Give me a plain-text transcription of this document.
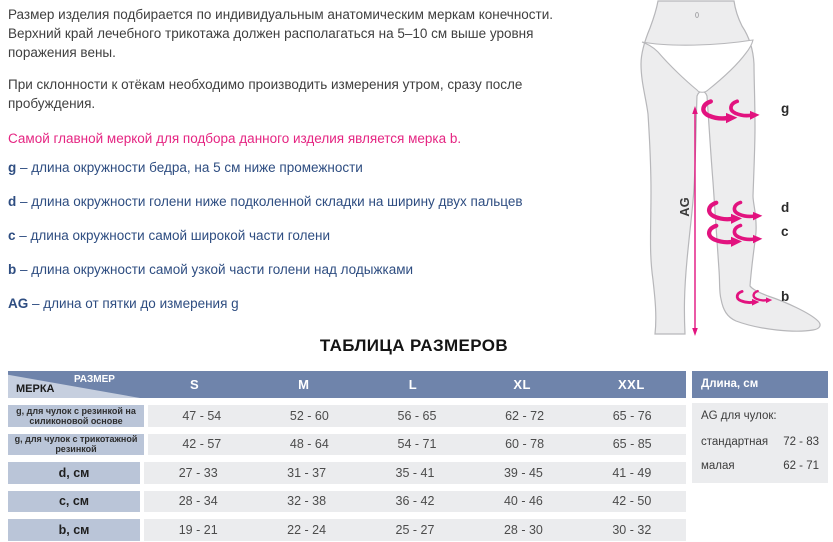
Размер изделия подбирается по индивидуальным анатомическим меркам конечности. Верхний край лечебного трикотажа должен располагаться на 5–10 см выше уровня поражения вены.

При склонности к отёкам необходимо производить измерения утром, сразу после пробуждения.

Самой главной меркой для подбора данного изделия является мерка b.

g – длина окружности бедра, на 5 см ниже промежности
d – длина окружности голени ниже подколенной складки на ширину двух пальцев
c – длина окружности самой широкой части голени
b – длина окружности самой узкой части голени над лодыжками
AG – длина от пятки до измерения g
AG
g
d
c
b
ТАБЛИЦА РАЗМЕРОВ
РАЗМЕР
МЕРКА	S	M	L	XL	XXL
g, для чулок с резинкой на силиконовой основе	47 - 54	52 - 60	56 - 65	62 - 72	65 - 76
g, для чулок с трикотажной резинкой	42 - 57	48 - 64	54 - 71	60 - 78	65 - 85
d, см	27 - 33	31 - 37	35 - 41	39 - 45	41 - 49
c, см	28 - 34	32 - 38	36 - 42	40 - 46	42 - 50
b, см	19 - 21	22 - 24	25 - 27	28 - 30	30 - 32
Длина, см
AG для чулок:
стандартная 72 - 83
малая	62 - 71
